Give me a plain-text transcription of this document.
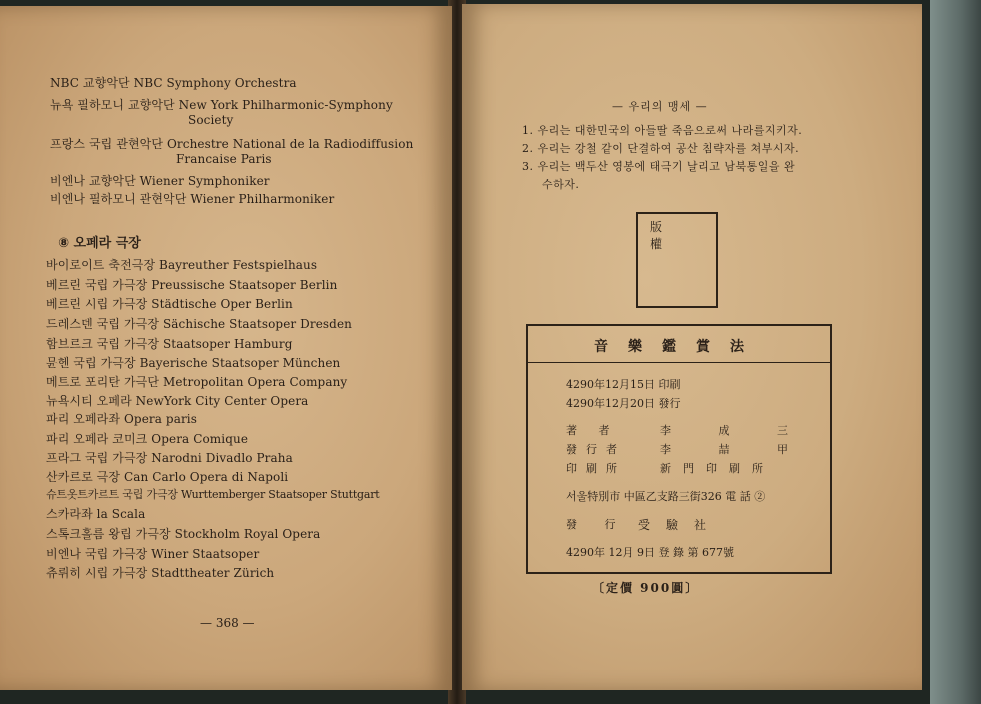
NBC 교향악단 NBC Symphony Orchestra
뉴욕 필하모니 교향악단 New York Philharmonic-Symphony
Society
프랑스 국립 관현악단 Orchestre National de la Radiodiffusion
Francaise Paris
비엔나 교향악단 Wiener Symphoniker
비엔나 필하모니 관현악단 Wiener Philharmoniker
⑧ 오페라 극장
바이로이트 축전극장 Bayreuther Festspielhaus
베르린 국립 가극장 Preussische Staatsoper Berlin
베르린 시립 가극장 Städtische Oper Berlin
드레스덴 국립 가극장 Sächische Staatsoper Dresden
함브르크 국립 가극장 Staatsoper Hamburg
뮨헨 국립 가극장 Bayerische Staatsoper München
메트로 포리탄 가극단 Metropolitan Opera Company
뉴욕시티 오페라 NewYork City Center Opera
파리 오페라좌 Opera paris
파리 오페라 코미크 Opera Comique
프라그 국립 가극장 Narodni Divadlo Praha
산카르로 극장 Can Carlo Opera di Napoli
슈트옷트카르트 국립 가극장 Wurttemberger Staatsoper Stuttgart
스카라좌 la Scala
스톡크홀름 왕립 가극장 Stockholm Royal Opera
비엔나 국립 가극장 Winer Staatsoper
츄뤼히 시립 가극장 Stadttheater Zürich
— 368 —
— 우리의 맹세 —
1. 우리는 대한민국의 아들딸 죽음으로써 나라를지키자.
2. 우리는 강철 같이 단결하여 공산 침략자를 쳐부시자.
3. 우리는 백두산 영봉에 태극기 날리고 남북통일을 완
수하자.
版 權
音樂鑑賞法
4290年12月15日 印刷
4290年12月20日 發行
著 者	李 成 三
發行者	李 喆 甲
印刷所	新門印刷所
서울特別市 中區乙支路三街326 電 話 ②
發 行 受驗社
4290年 12月 9日 登 錄 第 677號
〔定價 900圓〕
